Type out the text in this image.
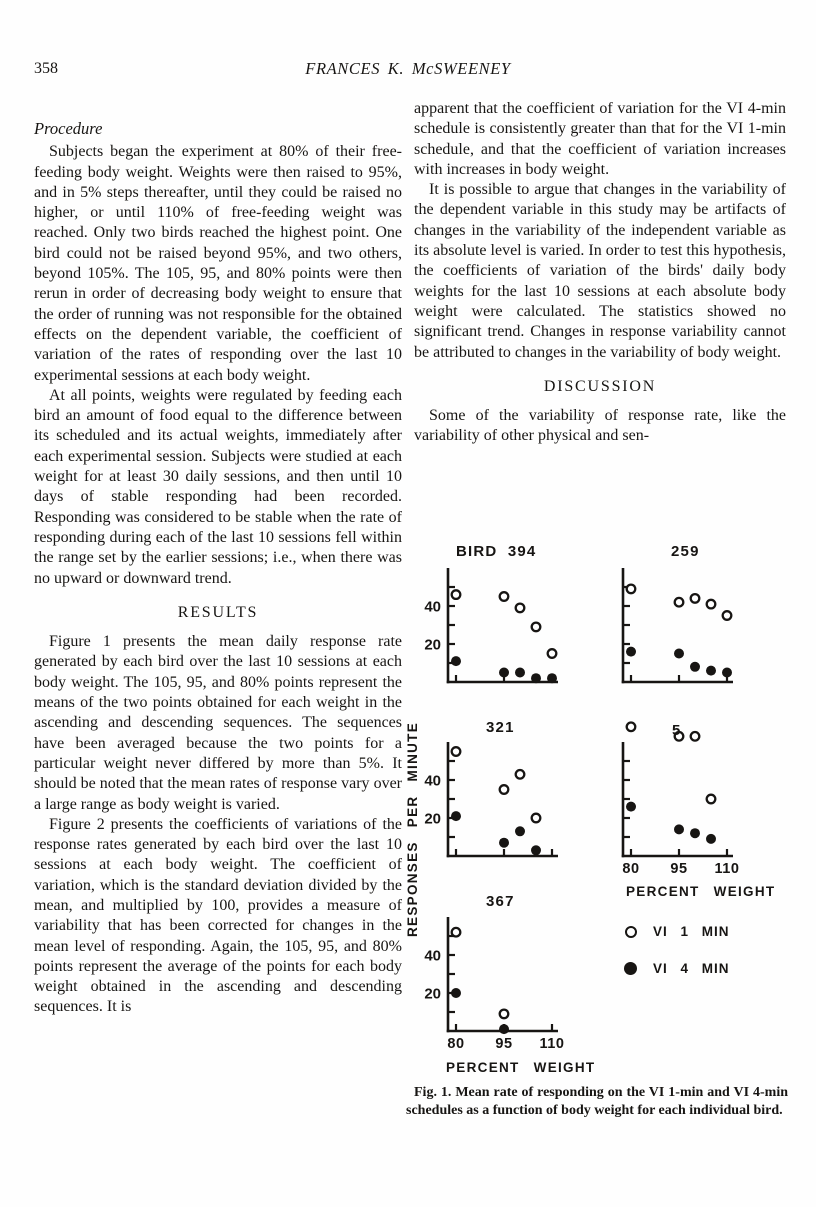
358	FRANCES K. McSWEENEY
Procedure

Subjects began the experiment at 80% of their free-feeding body weight. Weights were then raised to 95%, and in 5% steps thereafter, until they could be raised no higher, or until 110% of free-feeding weight was reached. Only two birds reached the highest point. One bird could not be raised beyond 95%, and two others, beyond 105%. The 105, 95, and 80% points were then rerun in order of decreasing body weight to ensure that the order of running was not responsible for the obtained effects on the dependent variable, the coefficient of variation of the rates of responding over the last 10 experimental sessions at each body weight.

At all points, weights were regulated by feeding each bird an amount of food equal to the difference between its scheduled and its actual weights, immediately after each experimental session. Subjects were studied at each weight for at least 30 daily sessions, and then until 10 days of stable responding had been recorded. Responding was considered to be stable when the rate of responding during each of the last 10 sessions fell within the range set by the earlier sessions; i.e., when there was no upward or downward trend.

RESULTS

Figure 1 presents the mean daily response rate generated by each bird over the last 10 sessions at each body weight. The 105, 95, and 80% points represent the means of the two points obtained for each weight in the ascending and descending sequences. The sequences have been averaged because the two points for a particular weight never differed by more than 5%. It should be noted that the mean rates of response vary over a large range as body weight is varied.

Figure 2 presents the coefficients of variations of the response rates generated by each bird over the last 10 sessions at each body weight. The coefficient of variation, which is the standard deviation divided by the mean, and multiplied by 100, provides a measure of variability that has been corrected for changes in the mean level of responding. Again, the 105, 95, and 80% points represent the average of the points for each body weight obtained in the ascending and descending sequences. It is

apparent that the coefficient of variation for the VI 4-min schedule is consistently greater than that for the VI 1-min schedule, and that the coefficient of variation increases with increases in body weight.

It is possible to argue that changes in the variability of the dependent variable in this study may be artifacts of changes in the variability of the independent variable as its absolute level is varied. In order to test this hypothesis, the coefficients of variation of the birds' daily body weights for the last 10 sessions at each absolute body weight were calculated. The statistics showed no significant trend. Changes in response variability cannot be attributed to changes in the variability of body weight.

DISCUSSION

Some of the variability of response rate, like the variability of other physical and sen-

20
40
20
40
80 95 110
20
40
80 95 110
BIRD 394	259
321	5
367
RESPONSES PER MINUTE	PERCENT WEIGHT
PERCENT WEIGHT
VI 1 MIN
VI 4 MIN
Fig. 1. Mean rate of responding on the VI 1-min and VI 4-min schedules as a function of body weight for each individual bird.
